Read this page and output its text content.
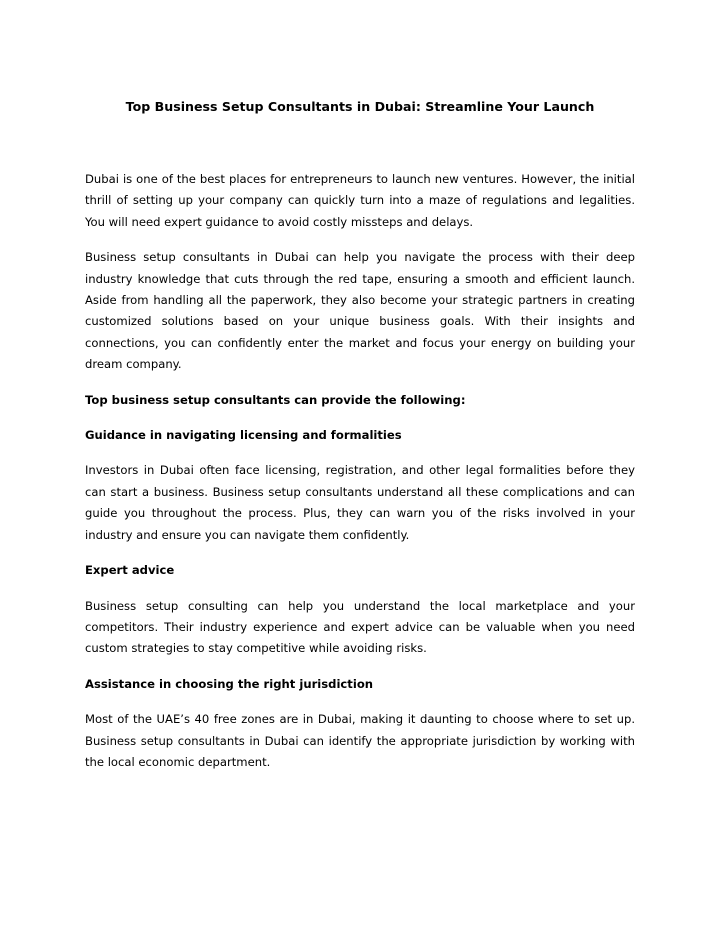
Top Business Setup Consultants in Dubai: Streamline Your Launch

Dubai is one of the best places for entrepreneurs to launch new ventures. However, the initial thrill of setting up your company can quickly turn into a maze of regulations and legalities. You will need expert guidance to avoid costly missteps and delays.

Business setup consultants in Dubai can help you navigate the process with their deep industry knowledge that cuts through the red tape, ensuring a smooth and efficient launch. Aside from handling all the paperwork, they also become your strategic partners in creating customized solutions based on your unique business goals. With their insights and connections, you can confidently enter the market and focus your energy on building your dream company.

Top business setup consultants can provide the following:

Guidance in navigating licensing and formalities

Investors in Dubai often face licensing, registration, and other legal formalities before they can start a business. Business setup consultants understand all these complications and can guide you throughout the process. Plus, they can warn you of the risks involved in your industry and ensure you can navigate them confidently.

Expert advice

Business setup consulting can help you understand the local marketplace and your competitors. Their industry experience and expert advice can be valuable when you need custom strategies to stay competitive while avoiding risks.

Assistance in choosing the right jurisdiction

Most of the UAE’s 40 free zones are in Dubai, making it daunting to choose where to set up. Business setup consultants in Dubai can identify the appropriate jurisdiction by working with the local economic department.
